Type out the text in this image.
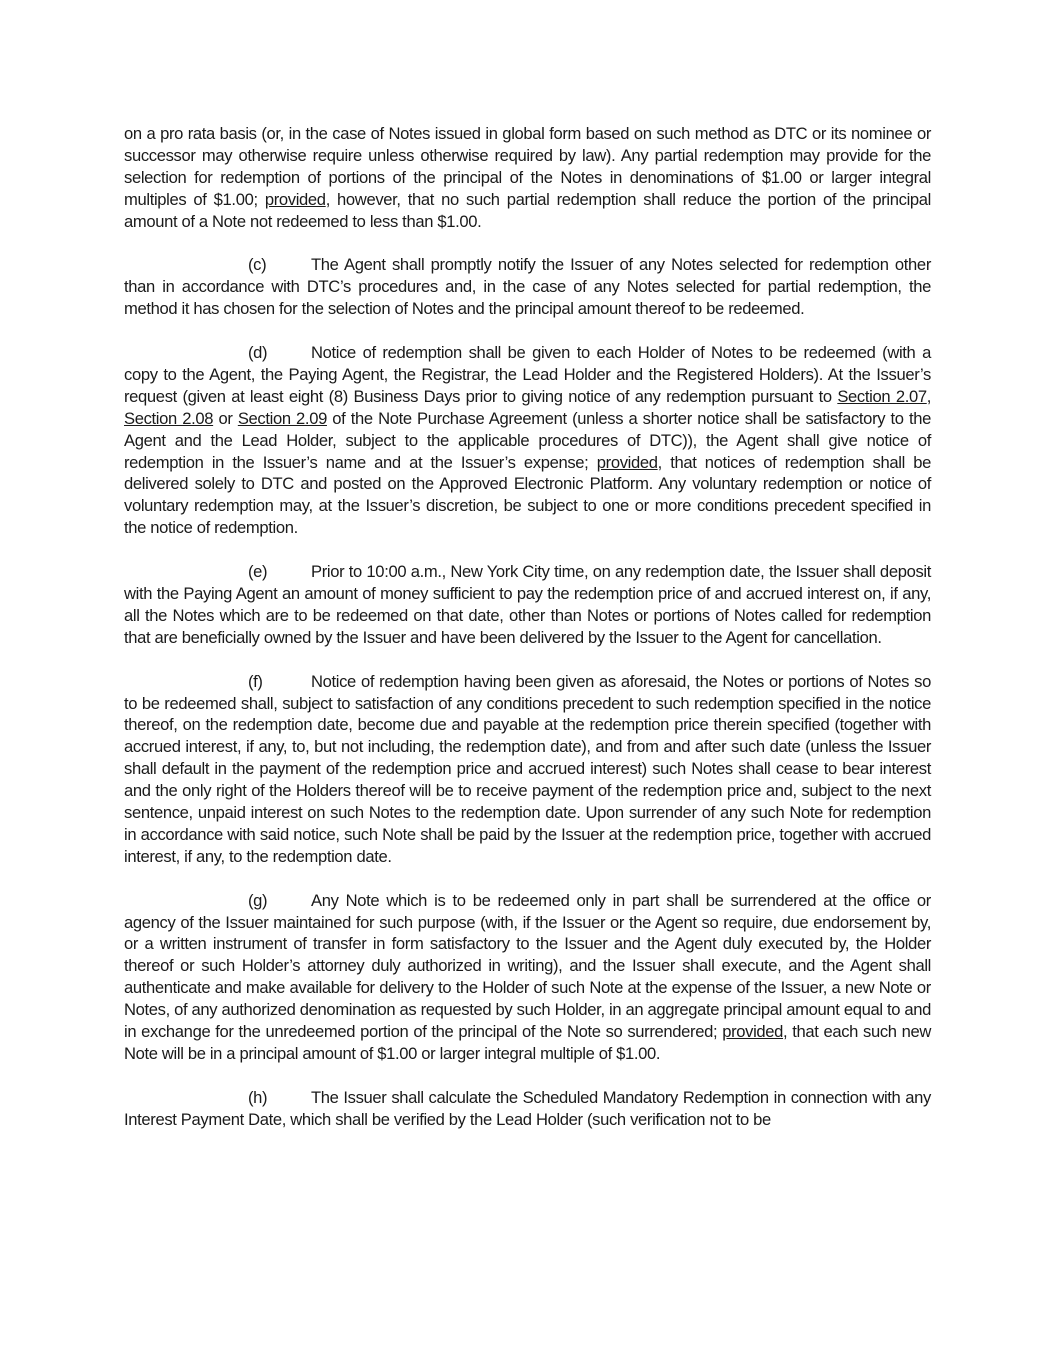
on a pro rata basis (or, in the case of Notes issued in global form based on such method as DTC or its nominee or successor may otherwise require unless otherwise required by law). Any partial redemption may provide for the selection for redemption of portions of the principal of the Notes in denominations of $1.00 or larger integral multiples of $1.00; provided, however, that no such partial redemption shall reduce the portion of the principal amount of a Note not redeemed to less than $1.00.

(c)	The Agent shall promptly notify the Issuer of any Notes selected for redemption other than in accordance with DTC’s procedures and, in the case of any Notes selected for partial redemption, the method it has chosen for the selection of Notes and the principal amount thereof to be redeemed.

(d)	Notice of redemption shall be given to each Holder of Notes to be redeemed (with a copy to the Agent, the Paying Agent, the Registrar, the Lead Holder and the Registered Holders). At the Issuer’s request (given at least eight (8) Business Days prior to giving notice of any redemption pursuant to Section 2.07, Section 2.08 or Section 2.09 of the Note Purchase Agreement (unless a shorter notice shall be satisfactory to the Agent and the Lead Holder, subject to the applicable procedures of DTC)), the Agent shall give notice of redemption in the Issuer’s name and at the Issuer’s expense; provided, that notices of redemption shall be delivered solely to DTC and posted on the Approved Electronic Platform. Any voluntary redemption or notice of voluntary redemption may, at the Issuer’s discretion, be subject to one or more conditions precedent specified in the notice of redemption.

(e)	Prior to 10:00 a.m., New York City time, on any redemption date, the Issuer shall deposit with the Paying Agent an amount of money sufficient to pay the redemption price of and accrued interest on, if any, all the Notes which are to be redeemed on that date, other than Notes or portions of Notes called for redemption that are beneficially owned by the Issuer and have been delivered by the Issuer to the Agent for cancellation.

(f)	Notice of redemption having been given as aforesaid, the Notes or portions of Notes so to be redeemed shall, subject to satisfaction of any conditions precedent to such redemption specified in the notice thereof, on the redemption date, become due and payable at the redemption price therein specified (together with accrued interest, if any, to, but not including, the redemption date), and from and after such date (unless the Issuer shall default in the payment of the redemption price and accrued interest) such Notes shall cease to bear interest and the only right of the Holders thereof will be to receive payment of the redemption price and, subject to the next sentence, unpaid interest on such Notes to the redemption date. Upon surrender of any such Note for redemption in accordance with said notice, such Note shall be paid by the Issuer at the redemption price, together with accrued interest, if any, to the redemption date.

(g)	Any Note which is to be redeemed only in part shall be surrendered at the office or agency of the Issuer maintained for such purpose (with, if the Issuer or the Agent so require, due endorsement by, or a written instrument of transfer in form satisfactory to the Issuer and the Agent duly executed by, the Holder thereof or such Holder’s attorney duly authorized in writing), and the Issuer shall execute, and the Agent shall authenticate and make available for delivery to the Holder of such Note at the expense of the Issuer, a new Note or Notes, of any authorized denomination as requested by such Holder, in an aggregate principal amount equal to and in exchange for the unredeemed portion of the principal of the Note so surrendered; provided, that each such new Note will be in a principal amount of $1.00 or larger integral multiple of $1.00.

(h)	The Issuer shall calculate the Scheduled Mandatory Redemption in connection with any Interest Payment Date, which shall be verified by the Lead Holder (such verification not to be
